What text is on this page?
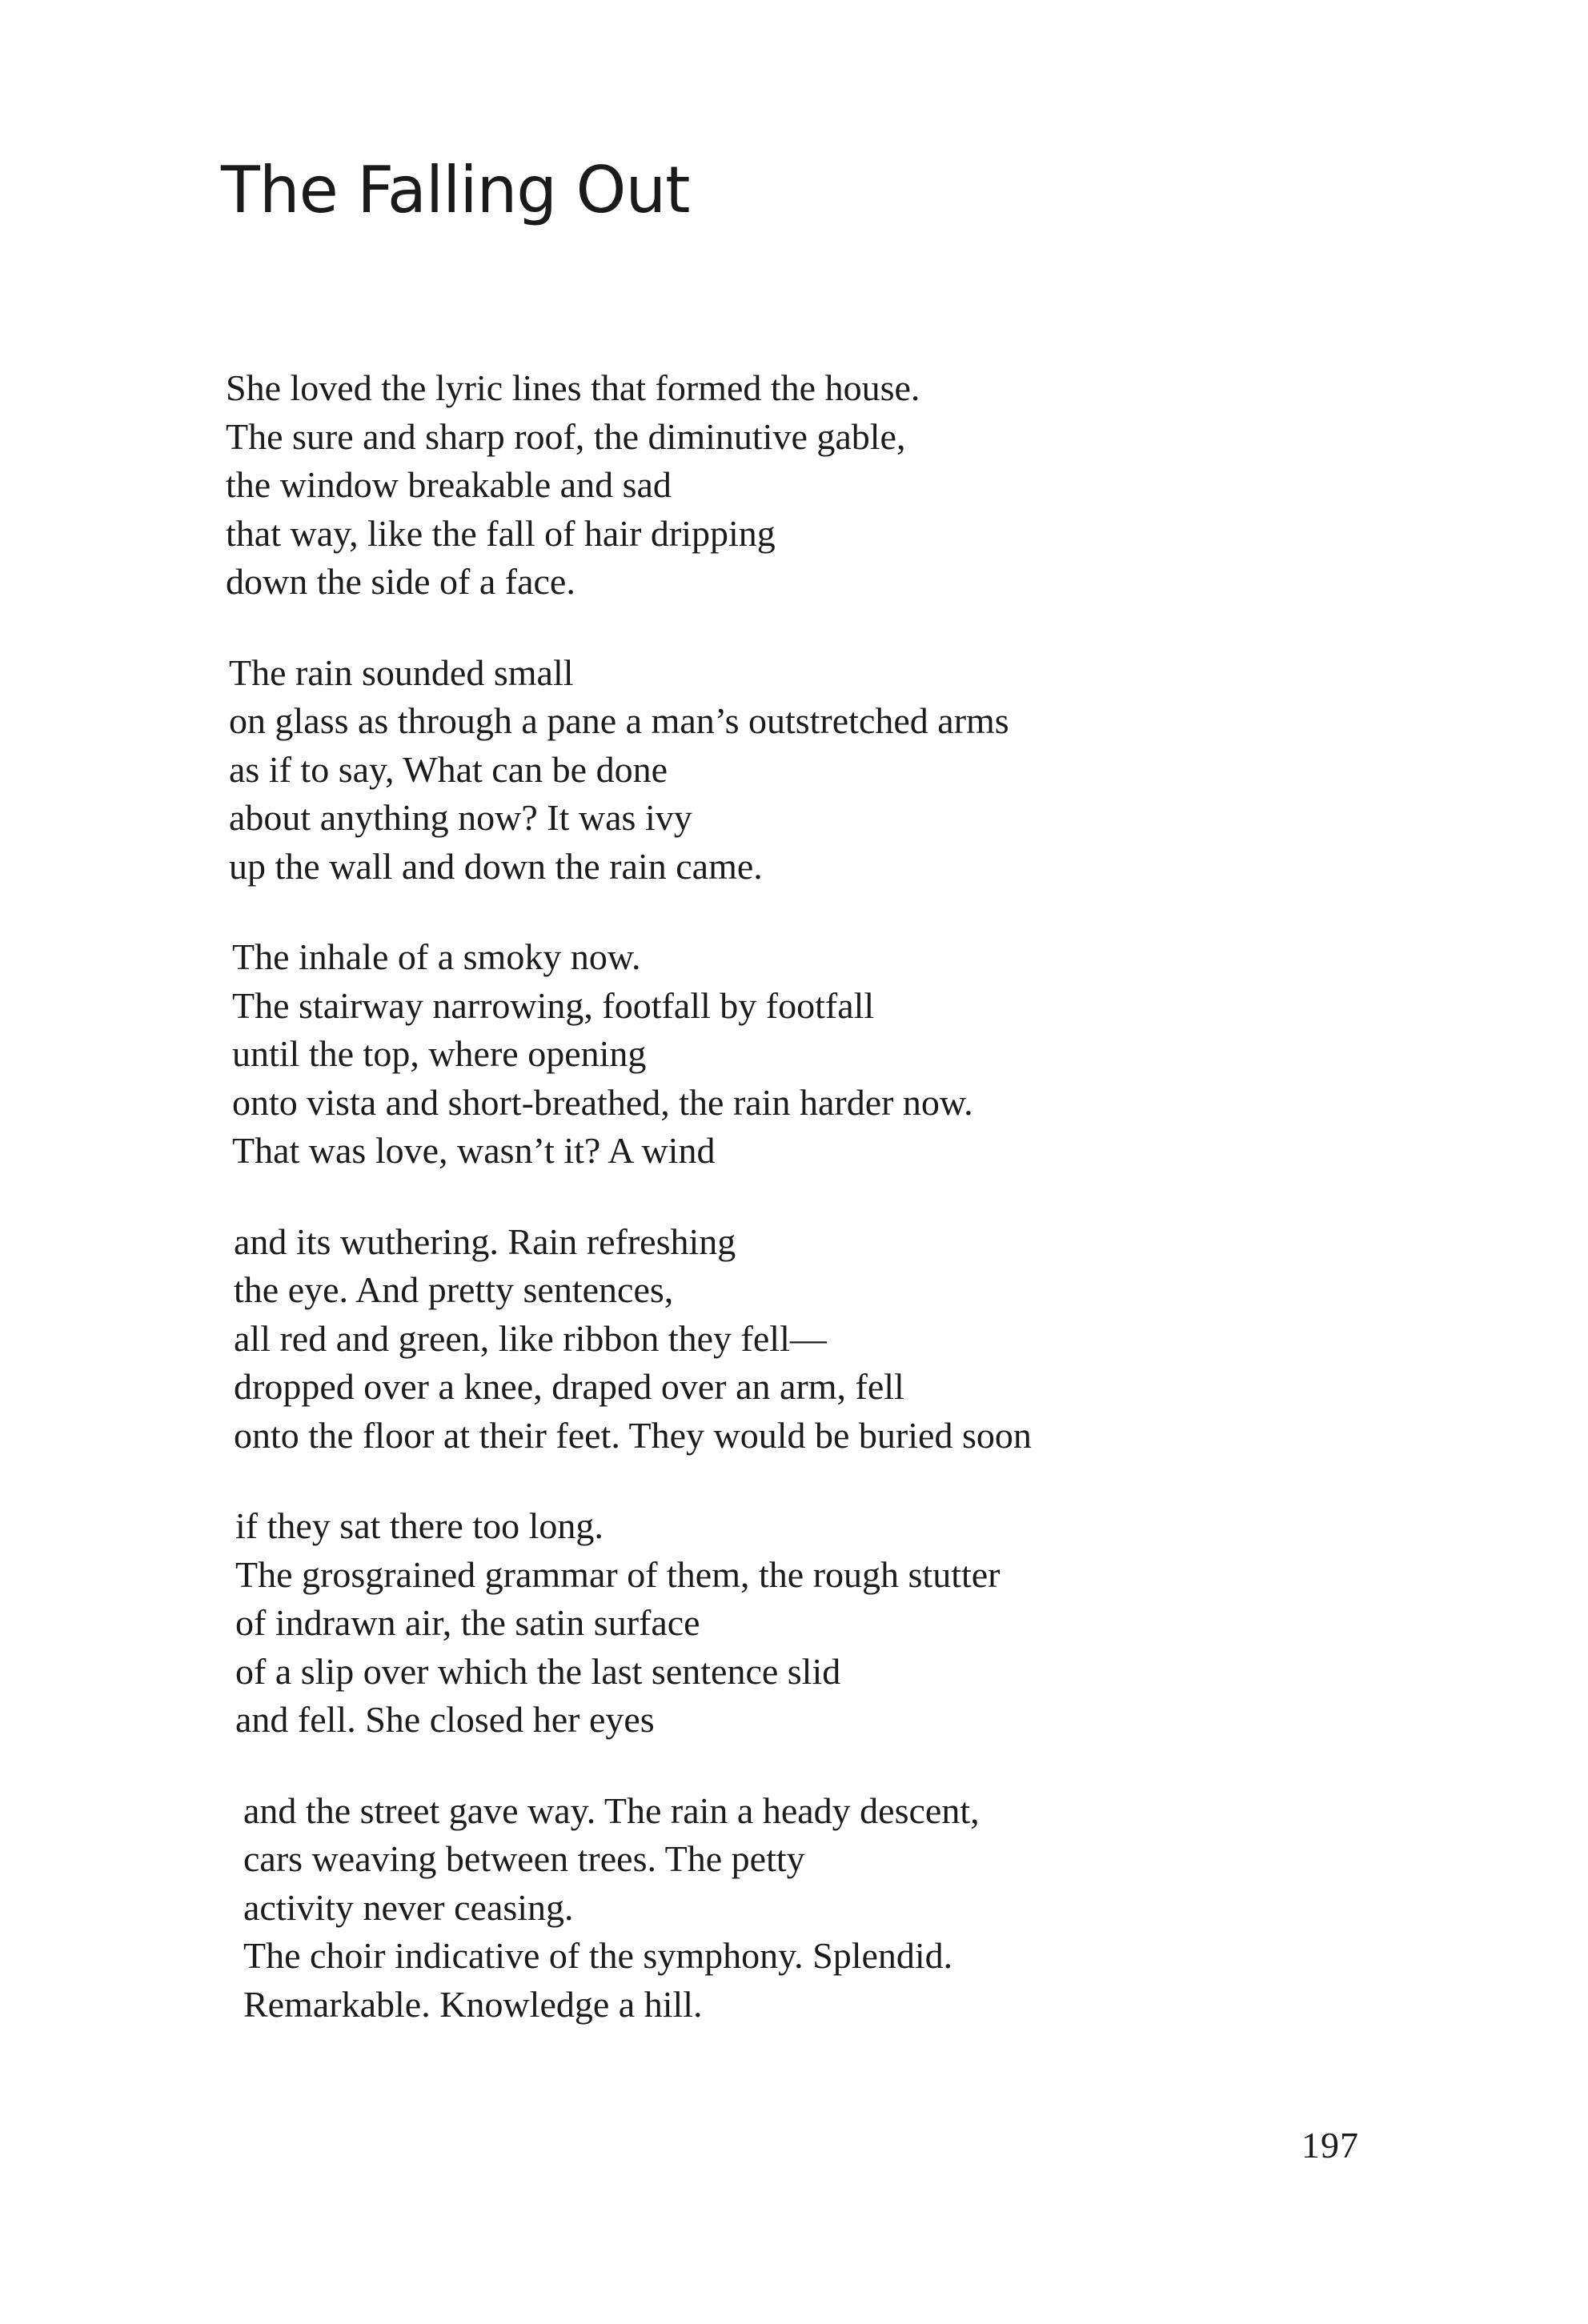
The Falling Out
She loved the lyric lines that formed the house.
The sure and sharp roof, the diminutive gable,
the window breakable and sad
that way, like the fall of hair dripping
down the side of a face.
The rain sounded small
on glass as through a pane a man’s outstretched arms
as if to say, What can be done
about anything now? It was ivy
up the wall and down the rain came.
The inhale of a smoky now.
The stairway narrowing, footfall by footfall
until the top, where opening
onto vista and short-breathed, the rain harder now.
That was love, wasn’t it? A wind
and its wuthering. Rain refreshing
the eye. And pretty sentences,
all red and green, like ribbon they fell—
dropped over a knee, draped over an arm, fell
onto the floor at their feet. They would be buried soon
if they sat there too long.
The grosgrained grammar of them, the rough stutter
of indrawn air, the satin surface
of a slip over which the last sentence slid
and fell. She closed her eyes
and the street gave way. The rain a heady descent,
cars weaving between trees. The petty
activity never ceasing.
The choir indicative of the symphony. Splendid.
Remarkable. Knowledge a hill.
197
